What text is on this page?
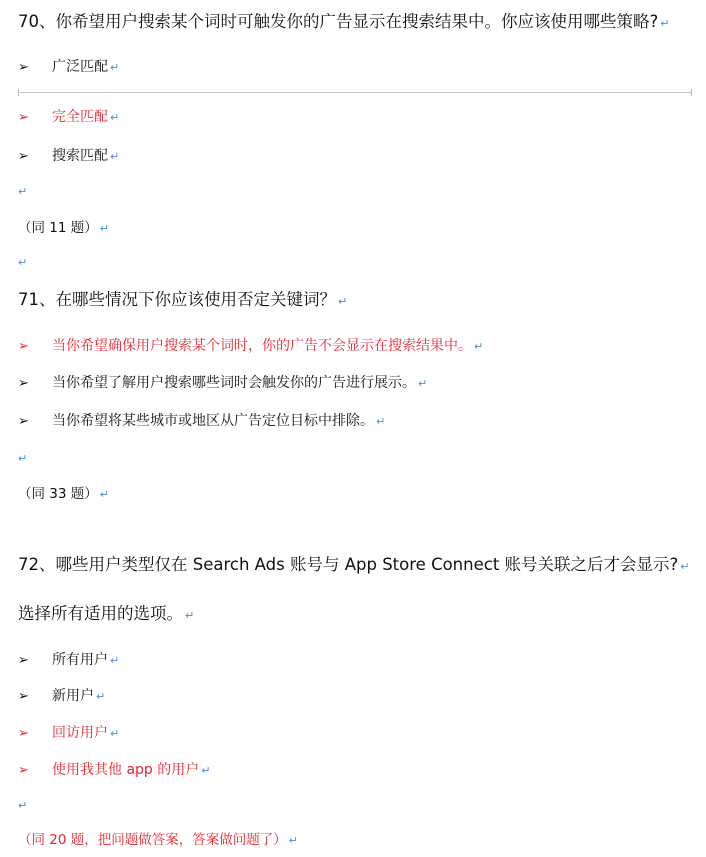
70、你希望用户搜索某个词时可触发你的广告显示在搜索结果中。你应该使用哪些策略? ↵
➢ 广泛匹配 ↵
➢ 完全匹配 ↵
➢ 搜索匹配 ↵
↵
（同 11 题） ↵
↵
71、在哪些情况下你应该使用否定关键词？ ↵
➢ 当你希望确保用户搜索某个词时，你的广告不会显示在搜索结果中。 ↵
➢ 当你希望了解用户搜索哪些词时会触发你的广告进行展示。 ↵
➢ 当你希望将某些城市或地区从广告定位目标中排除。 ↵
↵
（同 33 题） ↵
72、哪些用户类型仅在 Search Ads 账号与 App Store Connect 账号关联之后才会显示? ↵
选择所有适用的选项。 ↵
➢ 所有用户 ↵
➢ 新用户 ↵
➢ 回访用户 ↵
➢ 使用我其他 app 的用户 ↵
↵
（同 20 题，把问题做答案，答案做问题了） ↵
